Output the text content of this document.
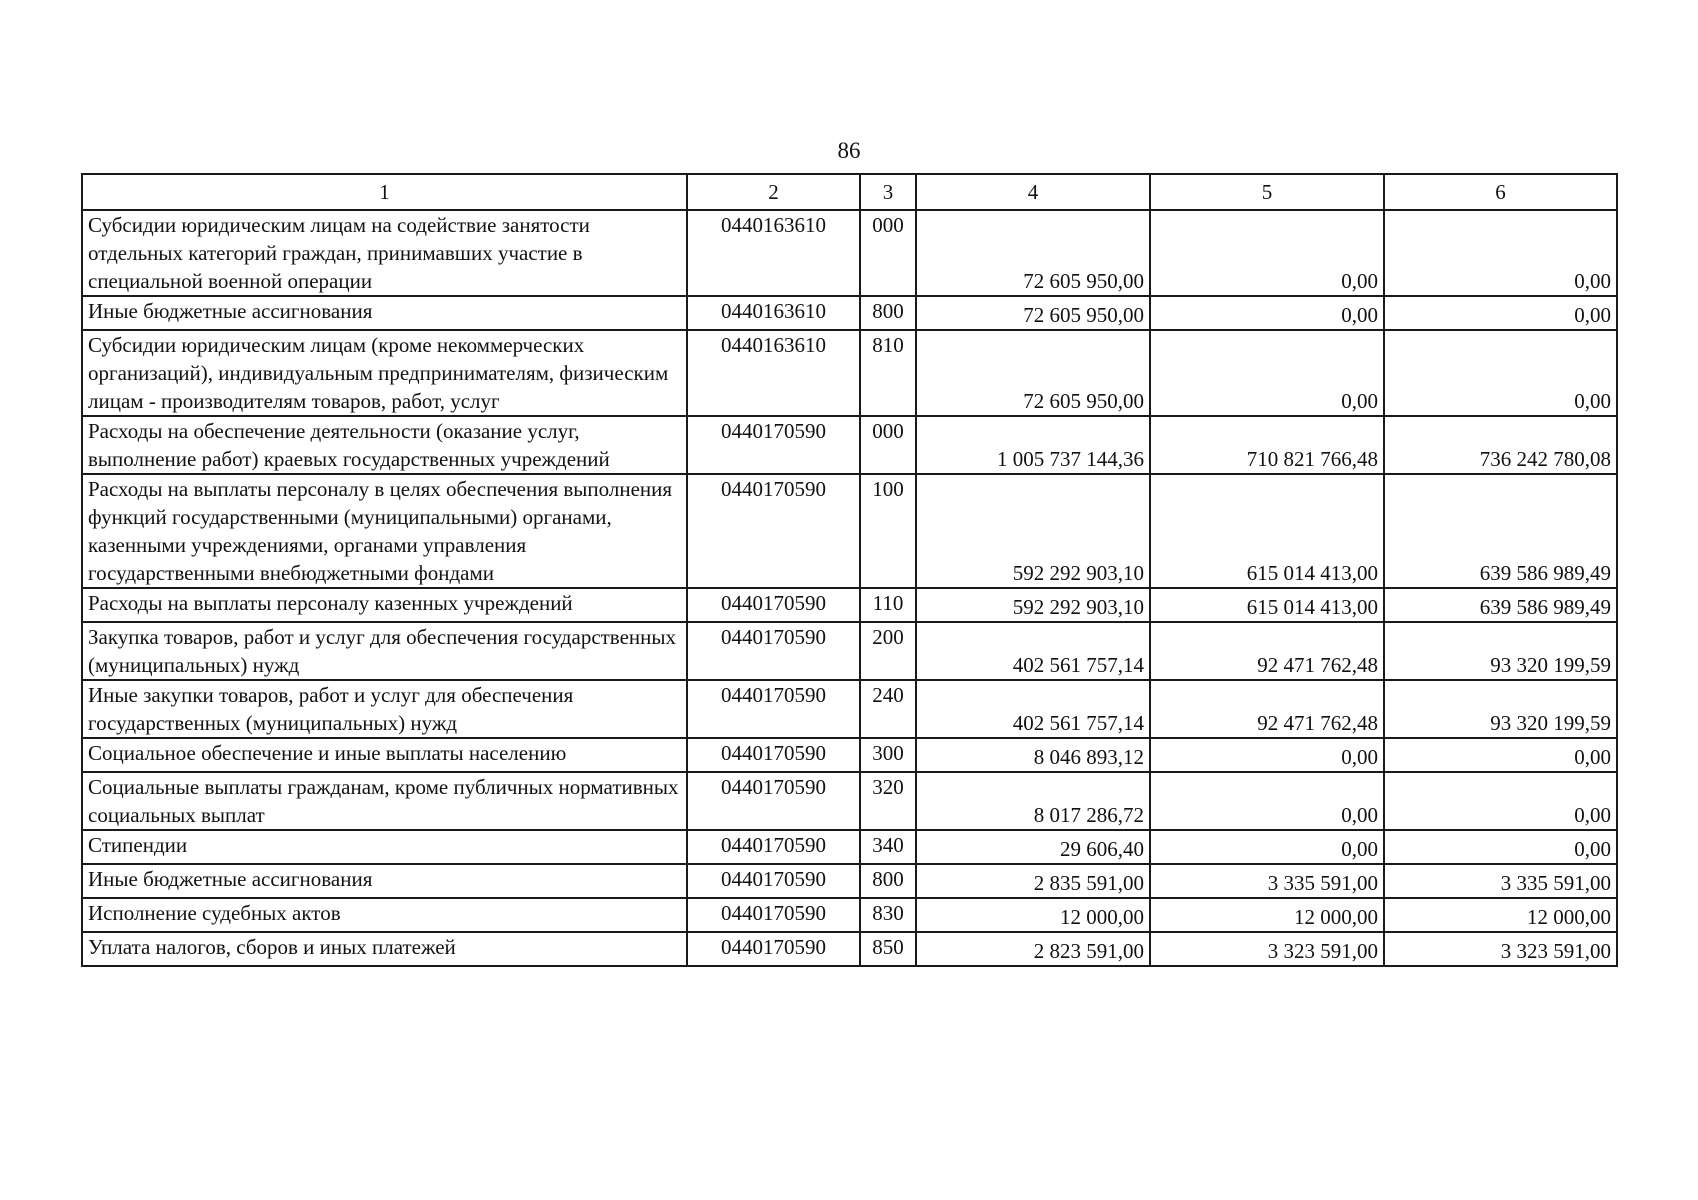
86
1	2	3	4	5	6
Субсидии юридическим лицам на содействие занятости отдельных категорий граждан, принимавших участие в специальной военной операции	0440163610	000	72 605 950,00	0,00	0,00
Иные бюджетные ассигнования	0440163610	800	72 605 950,00	0,00	0,00
Субсидии юридическим лицам (кроме некоммерческих организаций), индивидуальным предпринимателям, физическим лицам - производителям товаров, работ, услуг	0440163610	810	72 605 950,00	0,00	0,00
Расходы на обеспечение деятельности (оказание услуг, выполнение работ) краевых государственных учреждений	0440170590	000	1 005 737 144,36	710 821 766,48	736 242 780,08
Расходы на выплаты персоналу в целях обеспечения выполнения функций государственными (муниципальными) органами, казенными учреждениями, органами управления государственными внебюджетными фондами	0440170590	100	592 292 903,10	615 014 413,00	639 586 989,49
Расходы на выплаты персоналу казенных учреждений	0440170590	110	592 292 903,10	615 014 413,00	639 586 989,49
Закупка товаров, работ и услуг для обеспечения государственных (муниципальных) нужд	0440170590	200	402 561 757,14	92 471 762,48	93 320 199,59
Иные закупки товаров, работ и услуг для обеспечения государственных (муниципальных) нужд	0440170590	240	402 561 757,14	92 471 762,48	93 320 199,59
Социальное обеспечение и иные выплаты населению	0440170590	300	8 046 893,12	0,00	0,00
Социальные выплаты гражданам, кроме публичных нормативных социальных выплат	0440170590	320	8 017 286,72	0,00	0,00
Стипендии	0440170590	340	29 606,40	0,00	0,00
Иные бюджетные ассигнования	0440170590	800	2 835 591,00	3 335 591,00	3 335 591,00
Исполнение судебных актов	0440170590	830	12 000,00	12 000,00	12 000,00
Уплата налогов, сборов и иных платежей	0440170590	850	2 823 591,00	3 323 591,00	3 323 591,00
